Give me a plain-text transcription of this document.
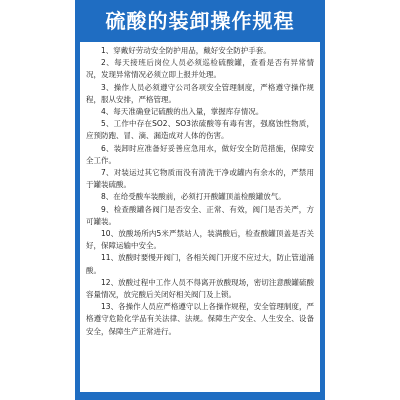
硫酸的装卸操作规程

1、穿戴好劳动安全防护用品，戴好安全防护手套。

2、每天接班后岗位人员必须巡检硫酸罐，查看是否有异常情况，发现异常情况必须立即上报并处理。

3、操作人员必须遵守公司各项安全管理制度，严格遵守操作规程，服从安排，严格管理。

4、每天准确登记硫酸的出入量，掌握库存情况。

5、工作中存在SO2、SO3浓硫酸等有毒有害，强腐蚀性物质，应预防跑、冒、滴、漏造成对人体的伤害。

6、装卸时应准备好妥善应急用水，做好安全防范措施，保障安全工作。

7、对装运过其它物质而没有清洗干净或罐内有余水的，严禁用于罐装硫酸。

8、在给受酸车装酸前，必须打开酸罐顶盖检酸罐放气。

9、检查酸罐各阀门是否安全、正常、有效，阀门是否关严，方可罐装。

10、放酸场所内5米严禁站人，装满酸后，检查酸罐顶盖是否关好，保障运输中安全。

11、放酸时要慢开阀门，各相关阀门开度不应过大，防止管道涌酸。

12、放酸过程中工作人员不得离开放酸现场，密切注意酸罐硫酸容量情况，放完酸后关闭好相关阀门及上锁。

13、各操作人员应严格遵守以上各操作规程，安全管理制度，严格遵守危险化学品有关法律、法规。保障生产安全、人生安全、设备安全，保障生产正常进行。
